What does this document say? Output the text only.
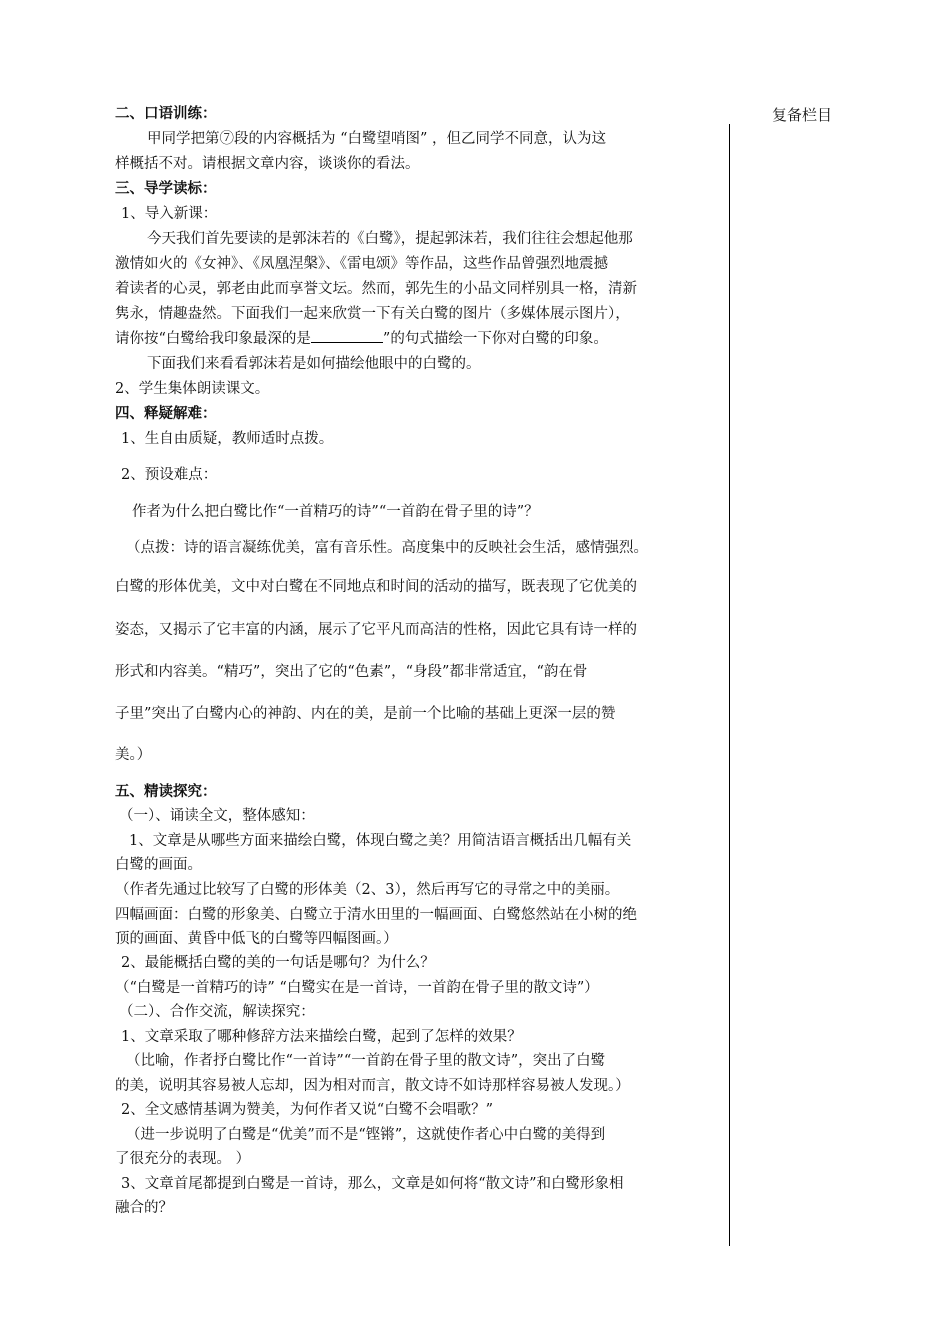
复备栏目
二、口语训练：
甲同学把第⑦段的内容概括为 “白鹭望哨图” ，但乙同学不同意，认为这
样概括不对。请根据文章内容，谈谈你的看法。
三、导学读标：
1、导入新课：
今天我们首先要读的是郭沫若的《白鹭》，提起郭沫若，我们往往会想起他那
激情如火的《女神》、《凤凰涅槃》、《雷电颂》等作品，这些作品曾强烈地震撼
着读者的心灵，郭老由此而享誉文坛。然而，郭先生的小品文同样别具一格，清新
隽永，情趣盎然。下面我们一起来欣赏一下有关白鹭的图片（多媒体展示图片），
请你按“白鹭给我印象最深的是	”的句式描绘一下你对白鹭的印象。
下面我们来看看郭沫若是如何描绘他眼中的白鹭的。
2、学生集体朗读课文。
四、释疑解难：
1、生自由质疑，教师适时点拨。
2、预设难点：
作者为什么把白鹭比作“一首精巧的诗”“一首韵在骨子里的诗”？
（点拨：诗的语言凝练优美，富有音乐性。高度集中的反映社会生活，感情强烈。
白鹭的形体优美，文中对白鹭在不同地点和时间的活动的描写，既表现了它优美的
姿态，又揭示了它丰富的内涵，展示了它平凡而高洁的性格，因此它具有诗一样的
形式和内容美。“精巧”，突出了它的“色素”，“身段”都非常适宜，“韵在骨
子里”突出了白鹭内心的神韵、内在的美，是前一个比喻的基础上更深一层的赞
美。）
五、精读探究：
（一）、诵读全文，整体感知：
1、文章是从哪些方面来描绘白鹭，体现白鹭之美？用简洁语言概括出几幅有关
白鹭的画面。
（作者先通过比较写了白鹭的形体美（2、3），然后再写它的寻常之中的美丽。
四幅画面：白鹭的形象美、白鹭立于清水田里的一幅画面、白鹭悠然站在小树的绝
顶的画面、黄昏中低飞的白鹭等四幅图画。）
2、最能概括白鹭的美的一句话是哪句？为什么？
（“白鹭是一首精巧的诗” “白鹭实在是一首诗，一首韵在骨子里的散文诗”）
（二）、合作交流，解读探究：
1、文章采取了哪种修辞方法来描绘白鹭，起到了怎样的效果？
（比喻，作者抒白鹭比作“一首诗”“一首韵在骨子里的散文诗”，突出了白鹭
的美，说明其容易被人忘却，因为相对而言，散文诗不如诗那样容易被人发现。）
2、全文感情基调为赞美，为何作者又说“白鹭不会唱歌？”
（进一步说明了白鹭是“优美”而不是“铿锵”，这就使作者心中白鹭的美得到
了很充分的表现。 ）
3、文章首尾都提到白鹭是一首诗，那么，文章是如何将“散文诗”和白鹭形象相
融合的？
